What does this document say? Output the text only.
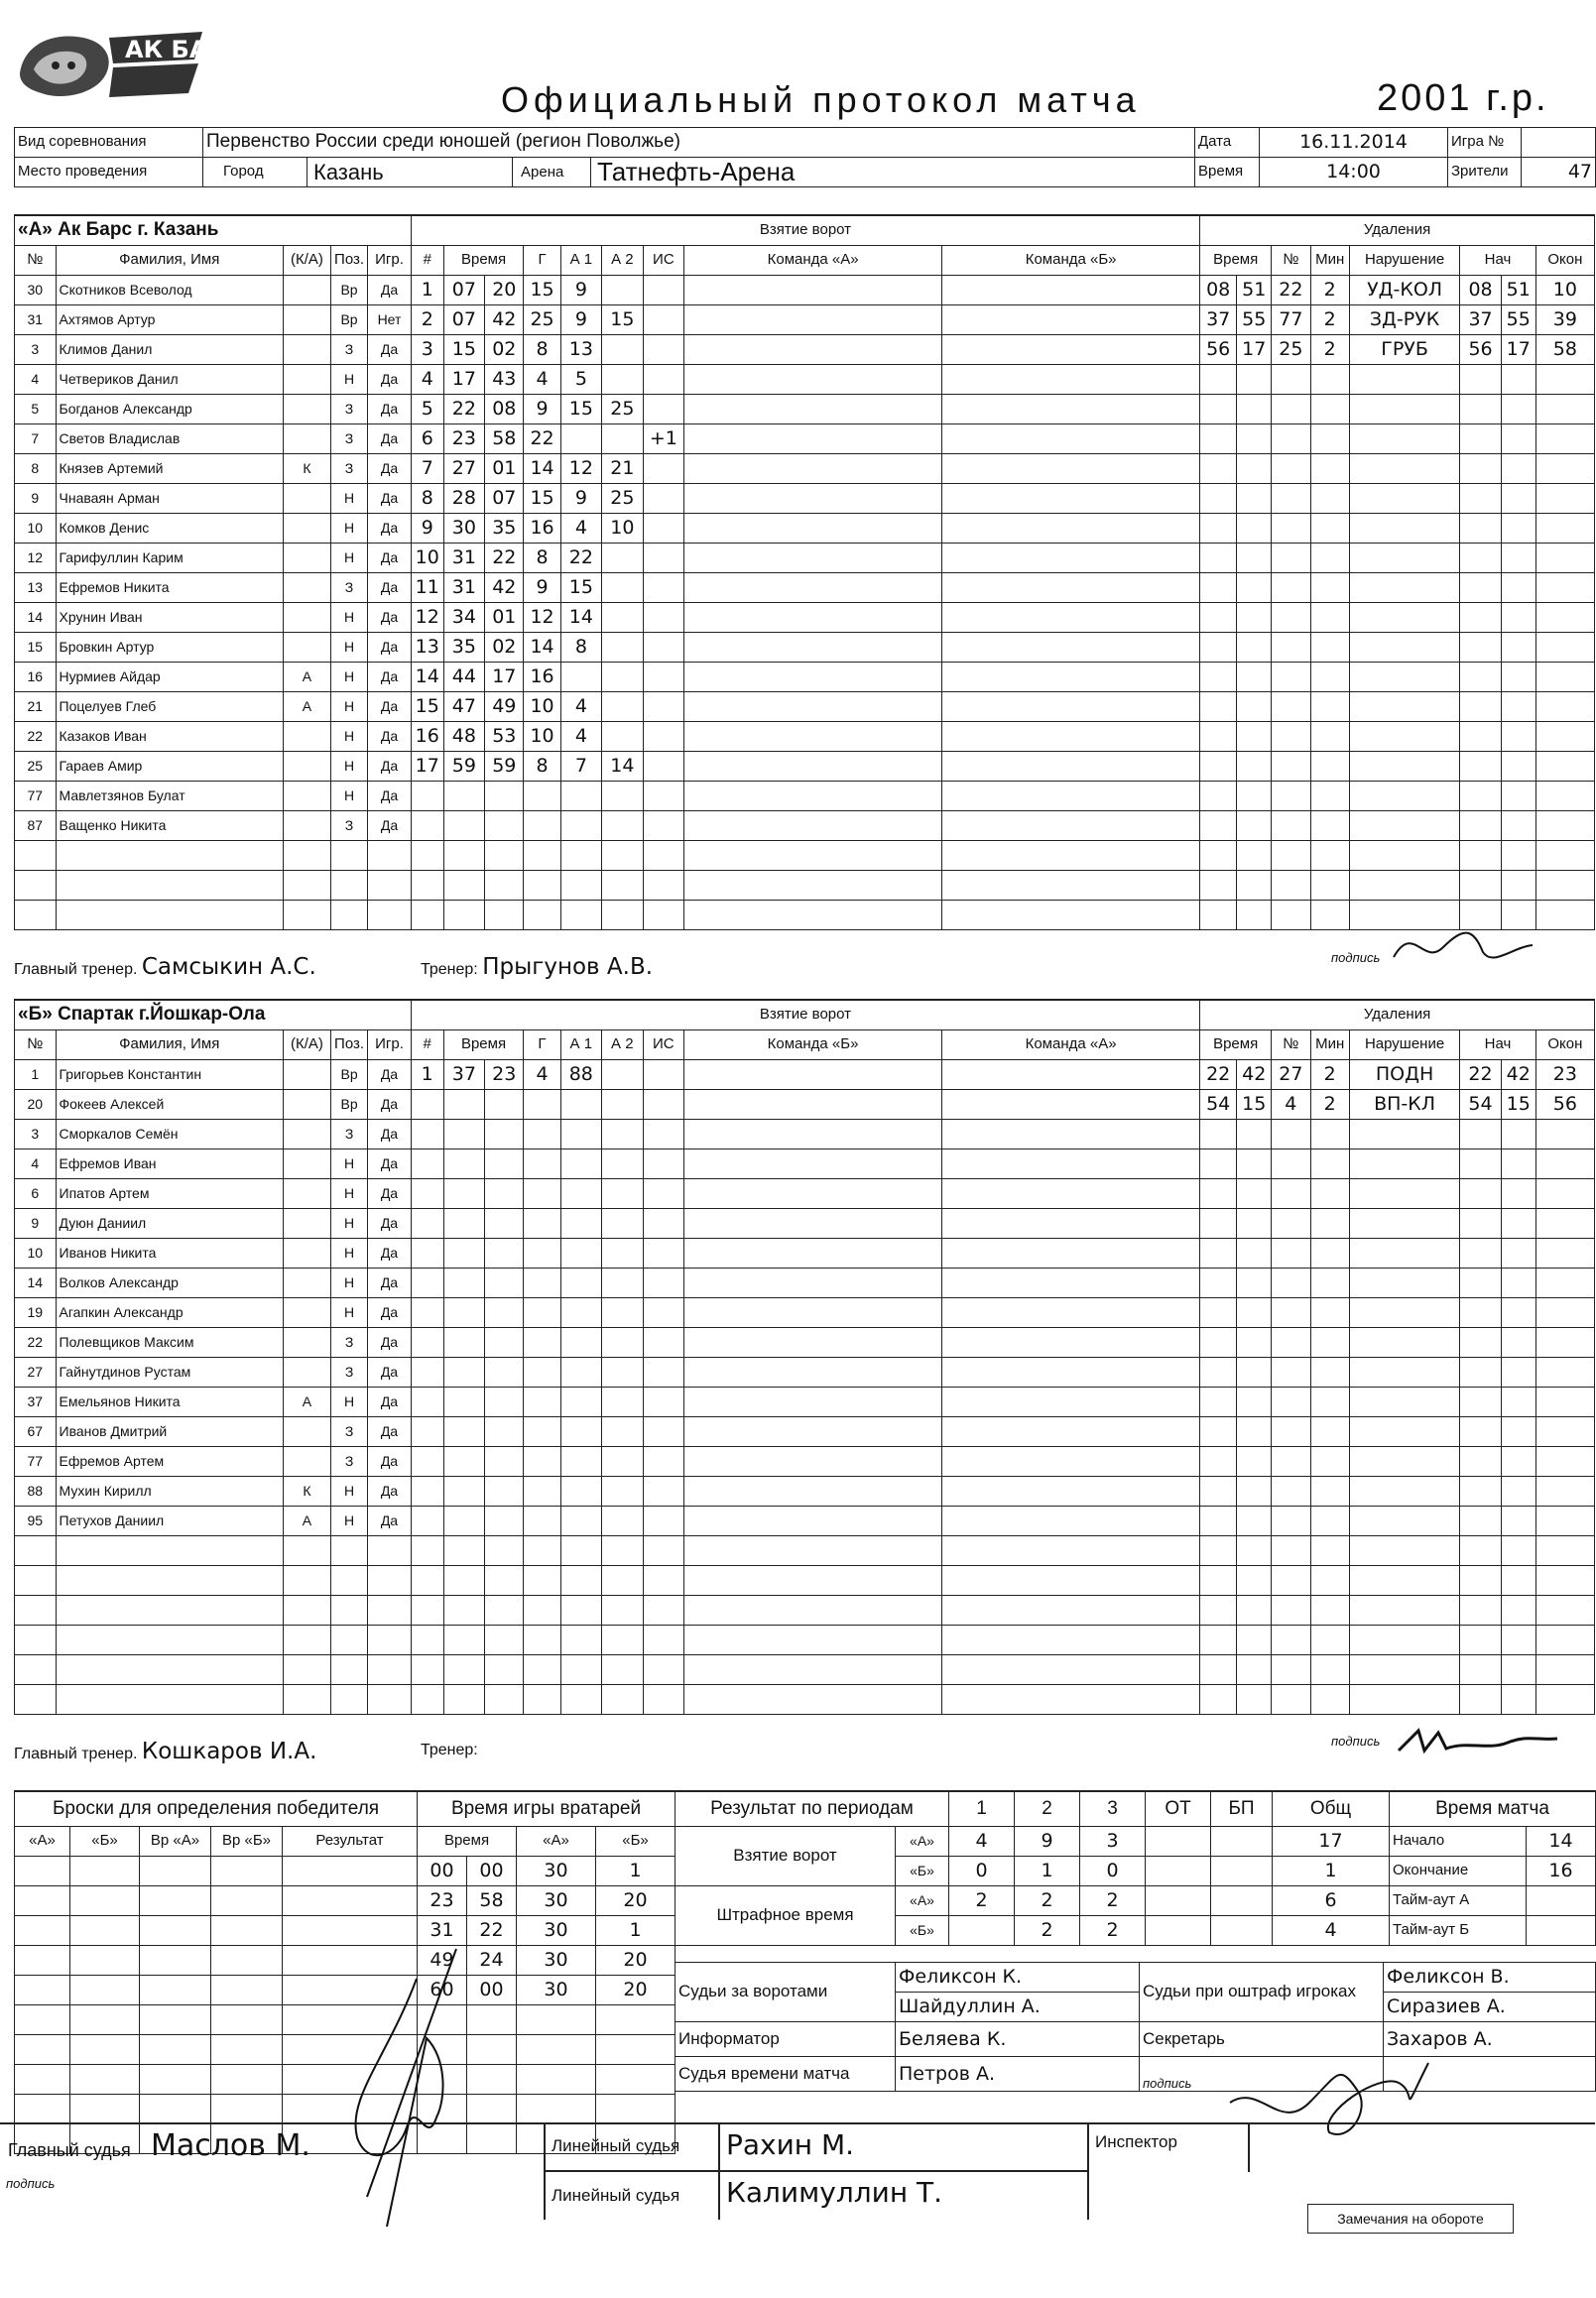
АК БАРС
Официальный протокол матча	2001 г.р.
Вид соревнования	Первенство России среди юношей (регион Поволжье)	Дата	16.11.2014	Игра №	
Место проведения	Город Казань Арена Татнефть-Арена	Время	14:00	Зрители	47
«А» Ак Барс г. Казань					Взятие ворот									Удаления							
№	Фамилия, Имя	(К/А)	Поз.	Игр.	#	Время		Г	А 1	А 2	ИС	Команда «А»	Команда «Б»	Время		№	Мин	Нарушение	Нач		Окон
30	Скотников Всеволод		Вр	Да	1	07	20	15	9					08	51	22	2	УД-КОЛ	08	51	10
31	Ахтямов Артур		Вр	Нет	2	07	42	25	9	15				37	55	77	2	ЗД-РУК	37	55	39
3	Климов Данил		З	Да	3	15	02	8	13					56	17	25	2	ГРУБ	56	17	58
4	Четвериков Данил		Н	Да	4	17	43	4	5												
5	Богданов Александр		З	Да	5	22	08	9	15	25											
7	Светов Владислав		З	Да	6	23	58	22			+1										
8	Князев Артемий	К	З	Да	7	27	01	14	12	21											
9	Чнаваян Арман		Н	Да	8	28	07	15	9	25											
10	Комков Денис		Н	Да	9	30	35	16	4	10											
12	Гарифуллин Карим		Н	Да	10	31	22	8	22												
13	Ефремов Никита		З	Да	11	31	42	9	15												
14	Хрунин Иван		Н	Да	12	34	01	12	14												
15	Бровкин Артур		Н	Да	13	35	02	14	8												
16	Нурмиев Айдар	А	Н	Да	14	44	17	16													
21	Поцелуев Глеб	А	Н	Да	15	47	49	10	4												
22	Казаков Иван		Н	Да	16	48	53	10	4												
25	Гараев Амир		Н	Да	17	59	59	8	7	14											
77	Мавлетзянов Булат		Н	Да																	
87	Ващенко Никита		З	Да																	

Главный тренер. Самсыкин А.С.	Тренер: Прыгунов А.В.	подпись
«Б» Спартак г.Йошкар-Ола					Взятие ворот									Удаления							
№	Фамилия, Имя	(К/А)	Поз.	Игр.	#	Время		Г	А 1	А 2	ИС	Команда «Б»	Команда «А»	Время		№	Мин	Нарушение	Нач		Окон
1	Григорьев Константин		Вр	Да	1	37	23	4	88					22	42	27	2	ПОДН	22	42	23
20	Фокеев Алексей		Вр	Да										54	15	4	2	ВП-КЛ	54	15	56
3	Сморкалов Семён		З	Да																	
4	Ефремов Иван		Н	Да																	
6	Ипатов Артем		Н	Да																	
9	Дуюн Даниил		Н	Да																	
10	Иванов Никита		Н	Да																	
14	Волков Александр		Н	Да																	
19	Агапкин Александр		Н	Да																	
22	Полевщиков Максим		З	Да																	
27	Гайнутдинов Рустам		З	Да																	
37	Емельянов Никита	А	Н	Да																	
67	Иванов Дмитрий		З	Да																	
77	Ефремов Артем		З	Да																	
88	Мухин Кирилл	К	Н	Да																	
95	Петухов Даниил	А	Н	Да																	

Главный тренер. Кошкаров И.А.	Тренер:
подпись
Броски для определения победителя				
«А»	«Б»	Вр «А»	Вр «Б»	Результат

Время игры вратарей			
Время		«А»	«Б»
00	00	30	1
23	58	30	20
31	22	30	1
49	24	30	20
60	00	30	20

Результат по периодам		1	2	3	ОТ	БП	Общ
Взятие ворот	«А»	4	9	3			17
	«Б»	0	1	0			1
Штрафное время	«А»	2	2	2			6
	«Б»		2	2			4
Время матча	
Начало	14
Окончание	16
Тайм-аут А	
Тайм-аут Б	
Судьи за воротами	Феликсон К.	Судьи при оштраф игроках	Феликсон В.
	Шайдуллин А.		Сиразиев А.
Информатор	Беляева К.	Секретарь	Захаров А.
Судья времени матча	Петров А.	подпись	
Главный судья Маслов М.
подпись
Линейный судья Рахин М.
Линейный судья Калимуллин Т.
Инспектор
Замечания на обороте
